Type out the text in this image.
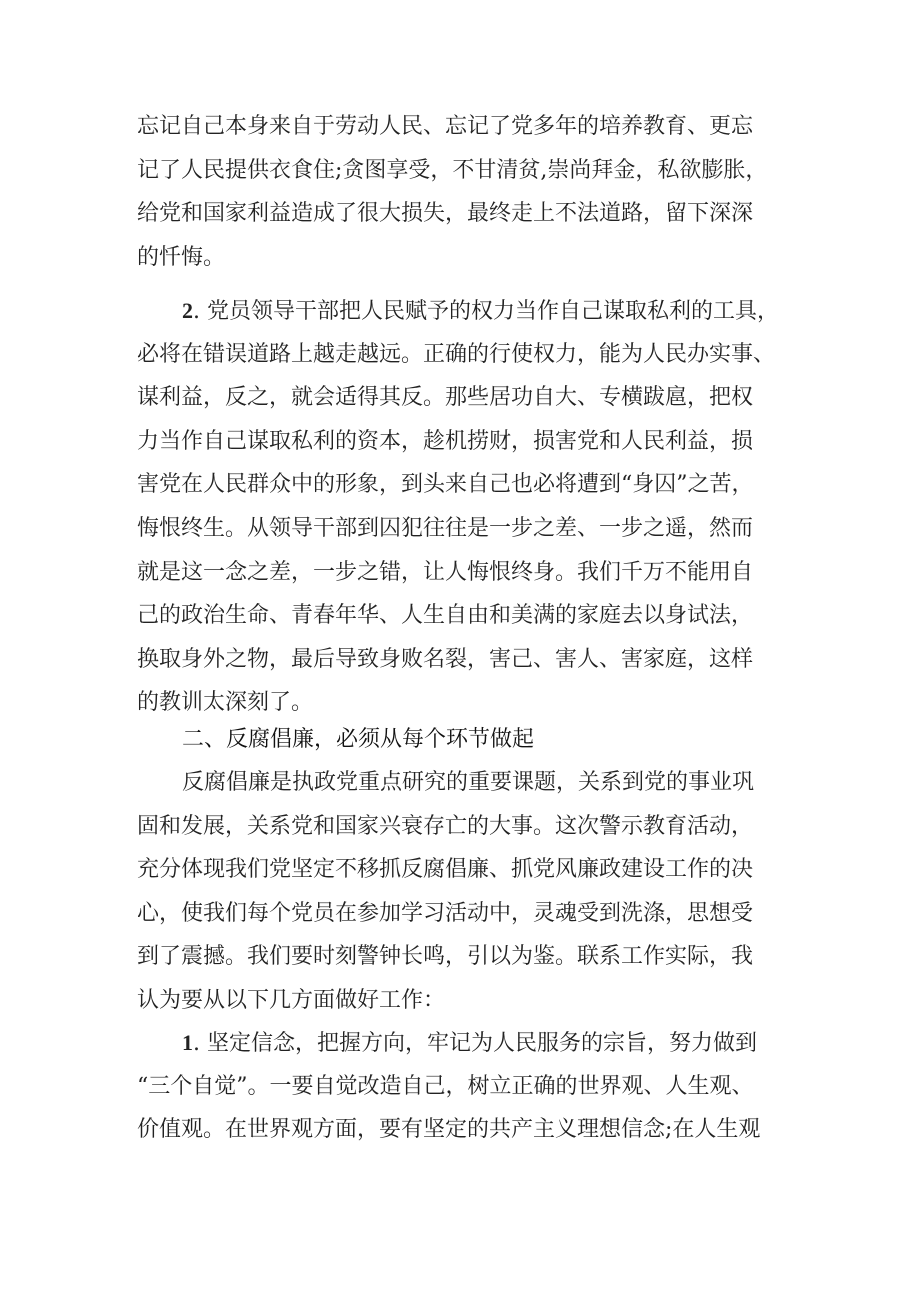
忘记自己本身来自于劳动人民、忘记了党多年的培养教育、更忘
记了人民提供衣食住;贪图享受，不甘清贫,崇尚拜金，私欲膨胀，
给党和国家利益造成了很大损失，最终走上不法道路，留下深深
的忏悔。
2. 党员领导干部把人民赋予的权力当作自己谋取私利的工具，
必将在错误道路上越走越远。正确的行使权力，能为人民办实事、
谋利益，反之，就会适得其反。那些居功自大、专横跋扈，把权
力当作自己谋取私利的资本，趁机捞财，损害党和人民利益，损
害党在人民群众中的形象，到头来自己也必将遭到“身囚”之苦，
悔恨终生。从领导干部到囚犯往往是一步之差、一步之遥，然而
就是这一念之差，一步之错，让人悔恨终身。我们千万不能用自
己的政治生命、青春年华、人生自由和美满的家庭去以身试法，
换取身外之物，最后导致身败名裂，害己、害人、害家庭，这样
的教训太深刻了。
二、反腐倡廉，必须从每个环节做起
反腐倡廉是执政党重点研究的重要课题，关系到党的事业巩
固和发展，关系党和国家兴衰存亡的大事。这次警示教育活动，
充分体现我们党坚定不移抓反腐倡廉、抓党风廉政建设工作的决
心，使我们每个党员在参加学习活动中，灵魂受到洗涤，思想受
到了震撼。我们要时刻警钟长鸣，引以为鉴。联系工作实际，我
认为要从以下几方面做好工作：
1. 坚定信念，把握方向，牢记为人民服务的宗旨，努力做到
“三个自觉”。一要自觉改造自己，树立正确的世界观、人生观、
价值观。在世界观方面，要有坚定的共产主义理想信念;在人生观
